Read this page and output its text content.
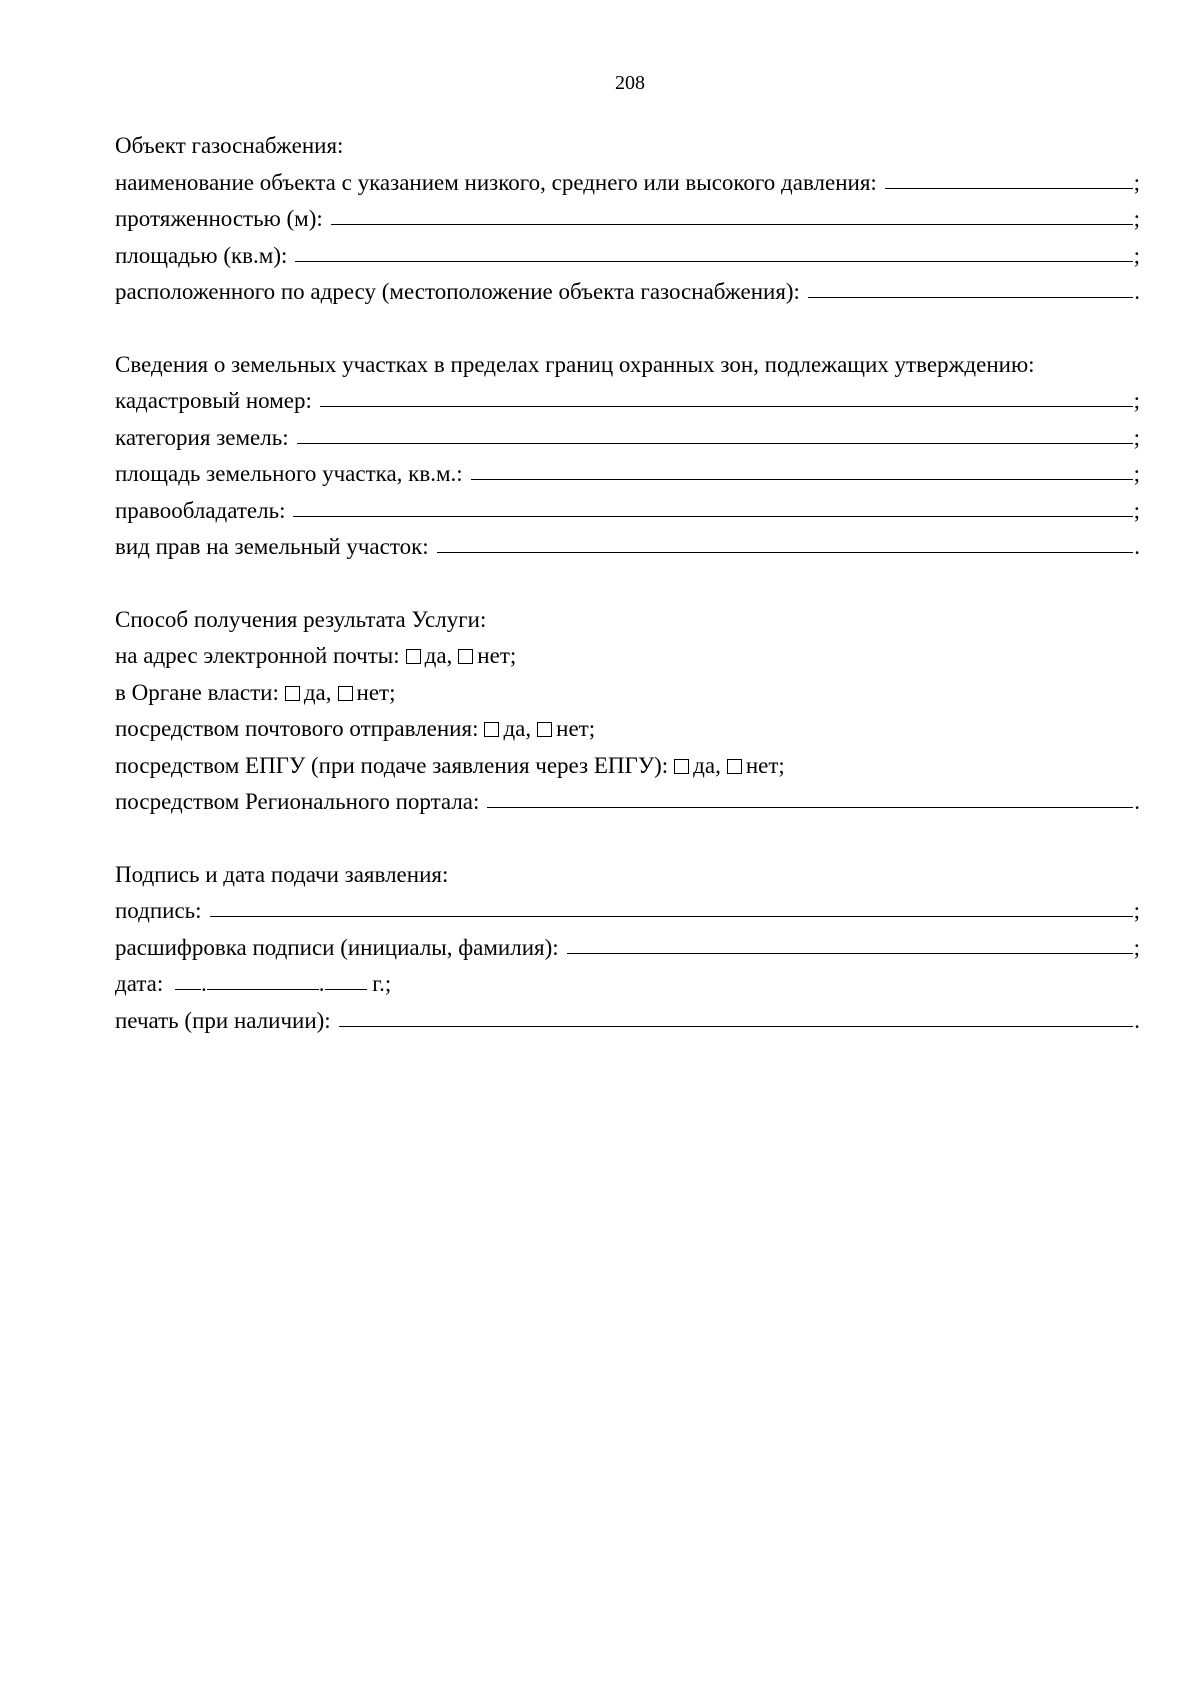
208
Объект газоснабжения:
наименование объекта с указанием низкого, среднего или высокого давления:	;
протяженностью (м):	;
площадью (кв.м):	;
расположенного по адресу (местоположение объекта газоснабжения):	.
Сведения о земельных участках в пределах границ охранных зон, подлежащих утверждению:
кадастровый номер:	;
категория земель:	;
площадь земельного участка, кв.м.:	;
правообладатель:	;
вид прав на земельный участок:	.
Способ получения результата Услуги:
на адрес электронной почты: да, нет;
в Органе власти: да, нет;
посредством почтового отправления: да, нет;
посредством ЕПГУ (при подаче заявления через ЕПГУ): да, нет;
посредством Регионального портала:	.
Подпись и дата подачи заявления:
подпись:	;
расшифровка подписи (инициалы, фамилия):	;
дата: .	. г.;
печать (при наличии):	.
